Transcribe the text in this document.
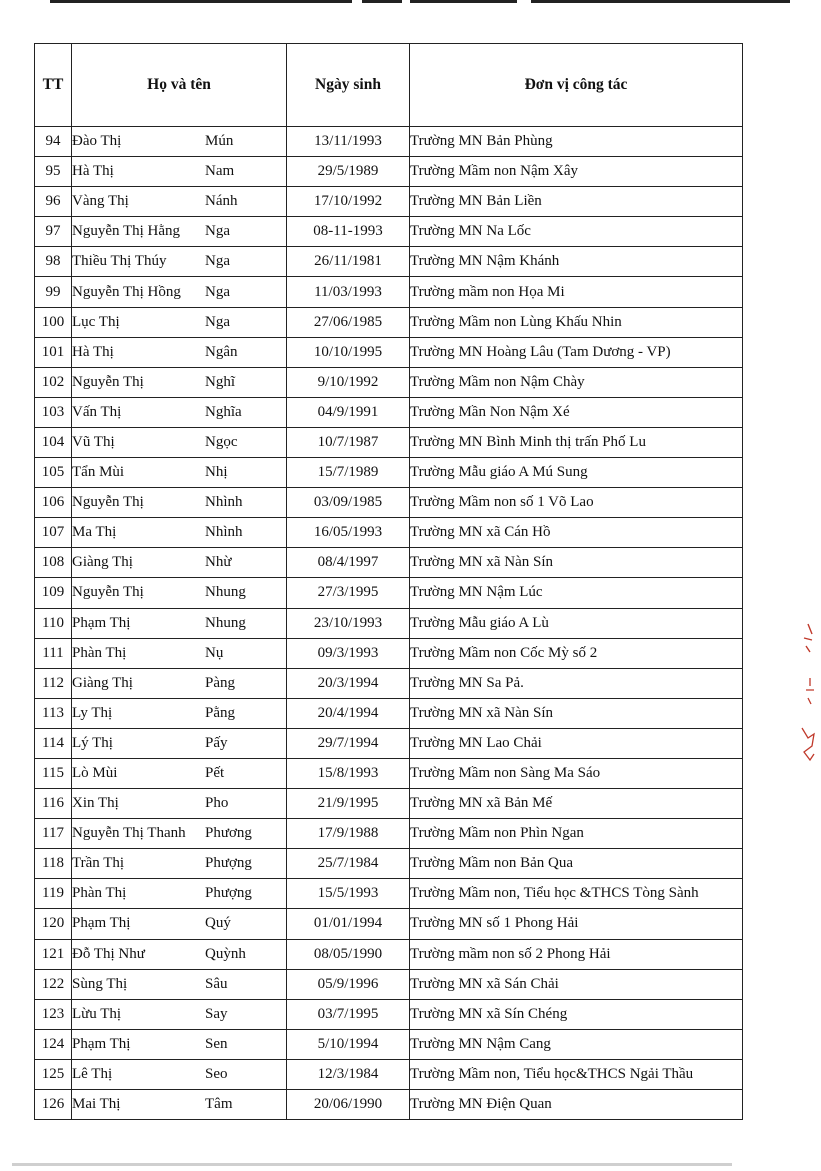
TT	Họ và tên	Ngày sinh	Đơn vị công tác
94	Đào Thị Mún	13/11/1993	Trường MN Bản Phùng
95	Hà Thị Nam	29/5/1989	Trường Mầm non Nậm Xây
96	Vàng Thị Nánh	17/10/1992	Trường MN Bản Liền
97	Nguyễn Thị Hằng Nga	08-11-1993	Trường MN Na Lốc
98	Thiều Thị Thúy Nga	26/11/1981	Trường MN Nậm Khánh
99	Nguyễn Thị Hồng Nga	11/03/1993	Trường mầm non Họa Mi
100	Lục Thị Nga	27/06/1985	Trường Mầm non Lùng Khấu Nhin
101	Hà Thị Ngân	10/10/1995	Trường MN Hoàng Lâu (Tam Dương - VP)
102	Nguyễn Thị Nghĩ	9/10/1992	Trường Mầm non Nậm Chày
103	Vấn Thị Nghĩa	04/9/1991	Trường Mần Non Nậm Xé
104	Vũ Thị Ngọc	10/7/1987	Trường MN Bình Minh thị trấn Phố Lu
105	Tẩn Mùi Nhị	15/7/1989	Trường Mẫu giáo A Mú Sung
106	Nguyễn Thị Nhình	03/09/1985	Trường Mầm non số 1 Võ Lao
107	Ma Thị Nhình	16/05/1993	Trường MN xã Cán Hồ
108	Giàng Thị Nhừ	08/4/1997	Trường MN xã Nàn Sín
109	Nguyễn Thị Nhung	27/3/1995	Trường MN Nậm Lúc
110	Phạm Thị Nhung	23/10/1993	Trường Mẫu giáo A Lù
111	Phàn Thị Nụ	09/3/1993	Trường Mầm non Cốc Mỳ số 2
112	Giàng Thị Pàng	20/3/1994	Trường MN Sa Pả.
113	Ly Thị Pằng	20/4/1994	Trường MN xã Nàn Sín
114	Lý Thị Pấy	29/7/1994	Trường MN Lao Chải
115	Lò Mùi Pết	15/8/1993	Trường Mầm non Sàng Ma Sáo
116	Xin Thị Pho	21/9/1995	Trường MN xã Bản Mế
117	Nguyễn Thị Thanh Phương	17/9/1988	Trường Mầm non Phìn Ngan
118	Trần Thị Phượng	25/7/1984	Trường Mầm non Bản Qua
119	Phàn Thị Phượng	15/5/1993	Trường Mầm non, Tiểu học &THCS Tòng Sành
120	Phạm Thị Quý	01/01/1994	Trường MN số 1 Phong Hải
121	Đỗ Thị Như Quỳnh	08/05/1990	Trường mầm non số 2 Phong Hải
122	Sùng Thị Sâu	05/9/1996	Trường MN xã Sán Chải
123	Lừu Thị Say	03/7/1995	Trường MN xã Sín Chéng
124	Phạm Thị Sen	5/10/1994	Trường MN Nậm Cang
125	Lê Thị Seo	12/3/1984	Trường Mầm non, Tiểu học&THCS Ngải Thầu
126	Mai Thị Tâm	20/06/1990	Trường MN Điện Quan
